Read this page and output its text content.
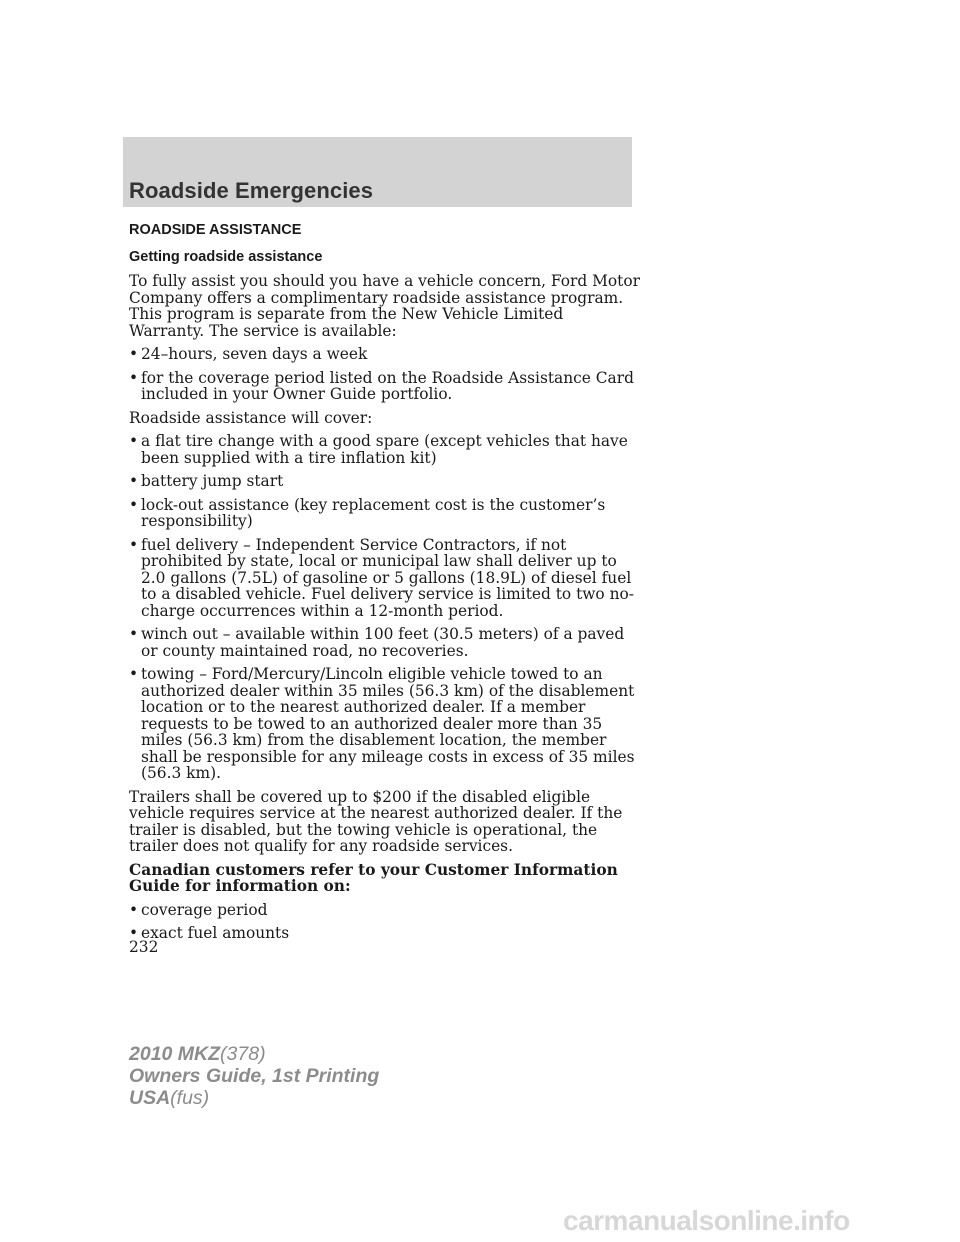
Roadside Emergencies
ROADSIDE ASSISTANCE
Getting roadside assistance

To fully assist you should you have a vehicle concern, Ford Motor Company offers a complimentary roadside assistance program. This program is separate from the New Vehicle Limited Warranty. The service is available:

• 24–hours, seven days a week
• for the coverage period listed on the Roadside Assistance Card included in your Owner Guide portfolio.

Roadside assistance will cover:

• a flat tire change with a good spare (except vehicles that have been supplied with a tire inflation kit)
• battery jump start
• lock-out assistance (key replacement cost is the customer’s responsibility)
• fuel delivery – Independent Service Contractors, if not prohibited by state, local or municipal law shall deliver up to 2.0 gallons (7.5L) of gasoline or 5 gallons (18.9L) of diesel fuel to a disabled vehicle. Fuel delivery service is limited to two no-charge occurrences within a 12-month period.
• winch out – available within 100 feet (30.5 meters) of a paved or county maintained road, no recoveries.
• towing – Ford/Mercury/Lincoln eligible vehicle towed to an authorized dealer within 35 miles (56.3 km) of the disablement location or to the nearest authorized dealer. If a member requests to be towed to an authorized dealer more than 35 miles (56.3 km) from the disablement location, the member shall be responsible for any mileage costs in excess of 35 miles (56.3 km).

Trailers shall be covered up to $200 if the disabled eligible vehicle requires service at the nearest authorized dealer. If the trailer is disabled, but the towing vehicle is operational, the trailer does not qualify for any roadside services.

Canadian customers refer to your Customer Information Guide for information on:

• coverage period
• exact fuel amounts
232
2010 MKZ(378)
Owners Guide, 1st Printing
USA(fus)
carmanualsonline.info
